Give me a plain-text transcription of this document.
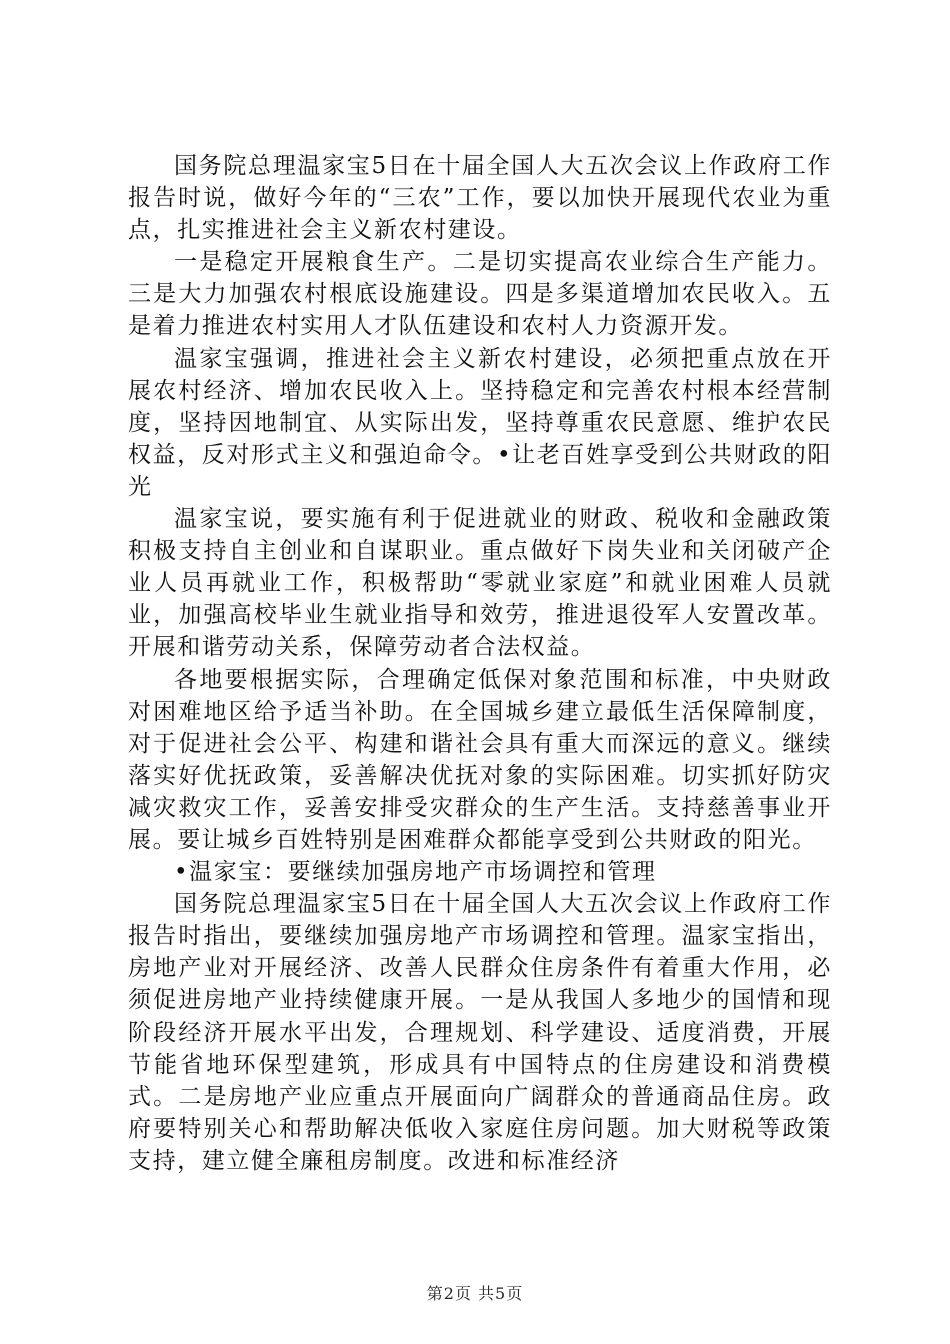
国务院总理温家宝5日在十届全国人大五次会议上作政府工作报告时说，做好今年的“三农”工作，要以加快开展现代农业为重点，扎实推进社会主义新农村建设。

一是稳定开展粮食生产。二是切实提高农业综合生产能力。三是大力加强农村根底设施建设。四是多渠道增加农民收入。五是着力推进农村实用人才队伍建设和农村人力资源开发。

温家宝强调，推进社会主义新农村建设，必须把重点放在开展农村经济、增加农民收入上。坚持稳定和完善农村根本经营制度，坚持因地制宜、从实际出发，坚持尊重农民意愿、维护农民权益，反对形式主义和强迫命令。•让老百姓享受到公共财政的阳光

温家宝说，要实施有利于促进就业的财政、税收和金融政策积极支持自主创业和自谋职业。重点做好下岗失业和关闭破产企业人员再就业工作，积极帮助“零就业家庭”和就业困难人员就业，加强高校毕业生就业指导和效劳，推进退役军人安置改革。开展和谐劳动关系，保障劳动者合法权益。

各地要根据实际，合理确定低保对象范围和标准，中央财政对困难地区给予适当补助。在全国城乡建立最低生活保障制度，对于促进社会公平、构建和谐社会具有重大而深远的意义。继续落实好优抚政策，妥善解决优抚对象的实际困难。切实抓好防灾减灾救灾工作，妥善安排受灾群众的生产生活。支持慈善事业开展。要让城乡百姓特别是困难群众都能享受到公共财政的阳光。

•温家宝：要继续加强房地产市场调控和管理

国务院总理温家宝5日在十届全国人大五次会议上作政府工作报告时指出，要继续加强房地产市场调控和管理。温家宝指出，房地产业对开展经济、改善人民群众住房条件有着重大作用，必须促进房地产业持续健康开展。一是从我国人多地少的国情和现阶段经济开展水平出发，合理规划、科学建设、适度消费，开展节能省地环保型建筑，形成具有中国特点的住房建设和消费模式。二是房地产业应重点开展面向广阔群众的普通商品住房。政府要特别关心和帮助解决低收入家庭住房问题。加大财税等政策支持，建立健全廉租房制度。改进和标准经济

第2页 共5页
